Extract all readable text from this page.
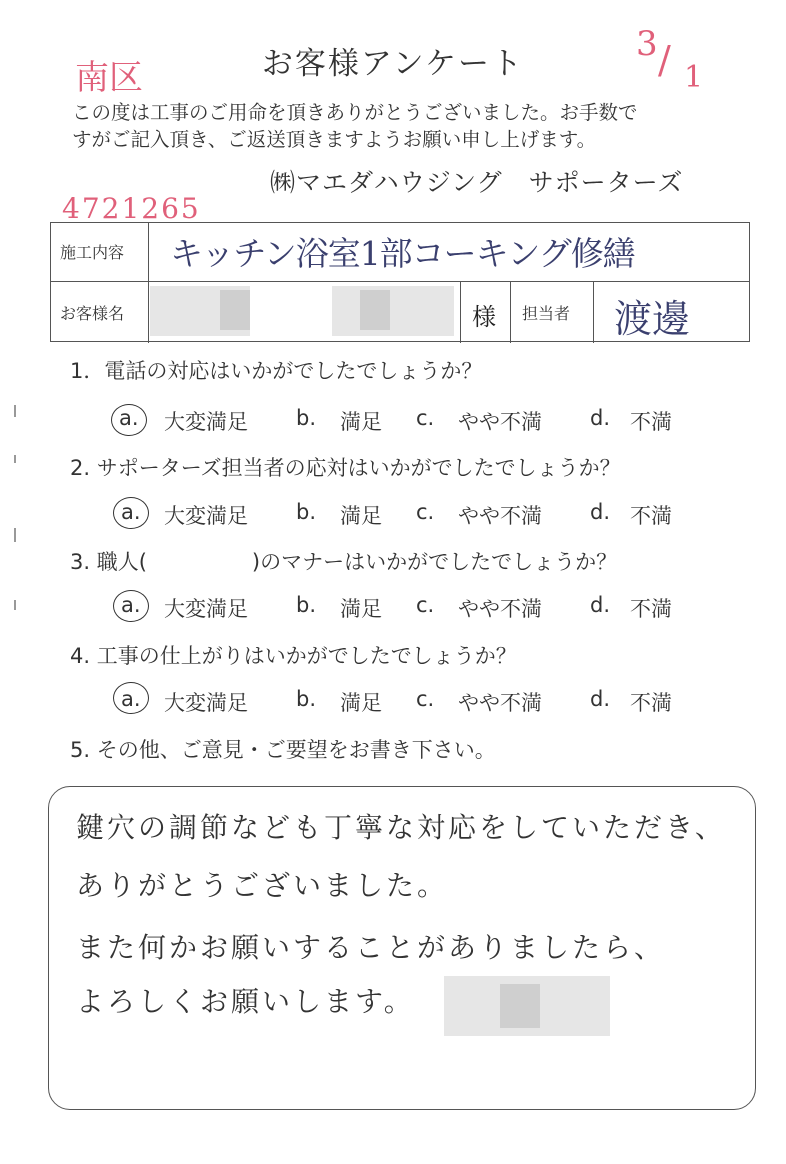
南区
3 / 1
4721265
お客様アンケート
この度は工事のご用命を頂きありがとうございました。お手数で
すがご記入頂き、ご返送頂きますようお願い申し上げます。
㈱マエダハウジング　サポーターズ
施工内容 キッチン浴室1部コーキング修繕
お客様名	様 担当者 渡邊
1．電話の対応はいかがでしたでしょうか？
a. 大変満足 b. 満足 c. やや不満 d. 不満
2. サポーターズ担当者の応対はいかがでしたでしょうか？
a. 大変満足 b. 満足 c. やや不満 d. 不満
3. 職人(　　　　　)のマナーはいかがでしたでしょうか？
a. 大変満足 b. 満足 c. やや不満 d. 不満
4. 工事の仕上がりはいかがでしたでしょうか？
a. 大変満足 b. 満足 c. やや不満 d. 不満
5. その他、ご意見・ご要望をお書き下さい。
鍵穴の調節なども丁寧な対応をしていただき、
ありがとうございました。
また何かお願いすることがありましたら、
よろしくお願いします。
